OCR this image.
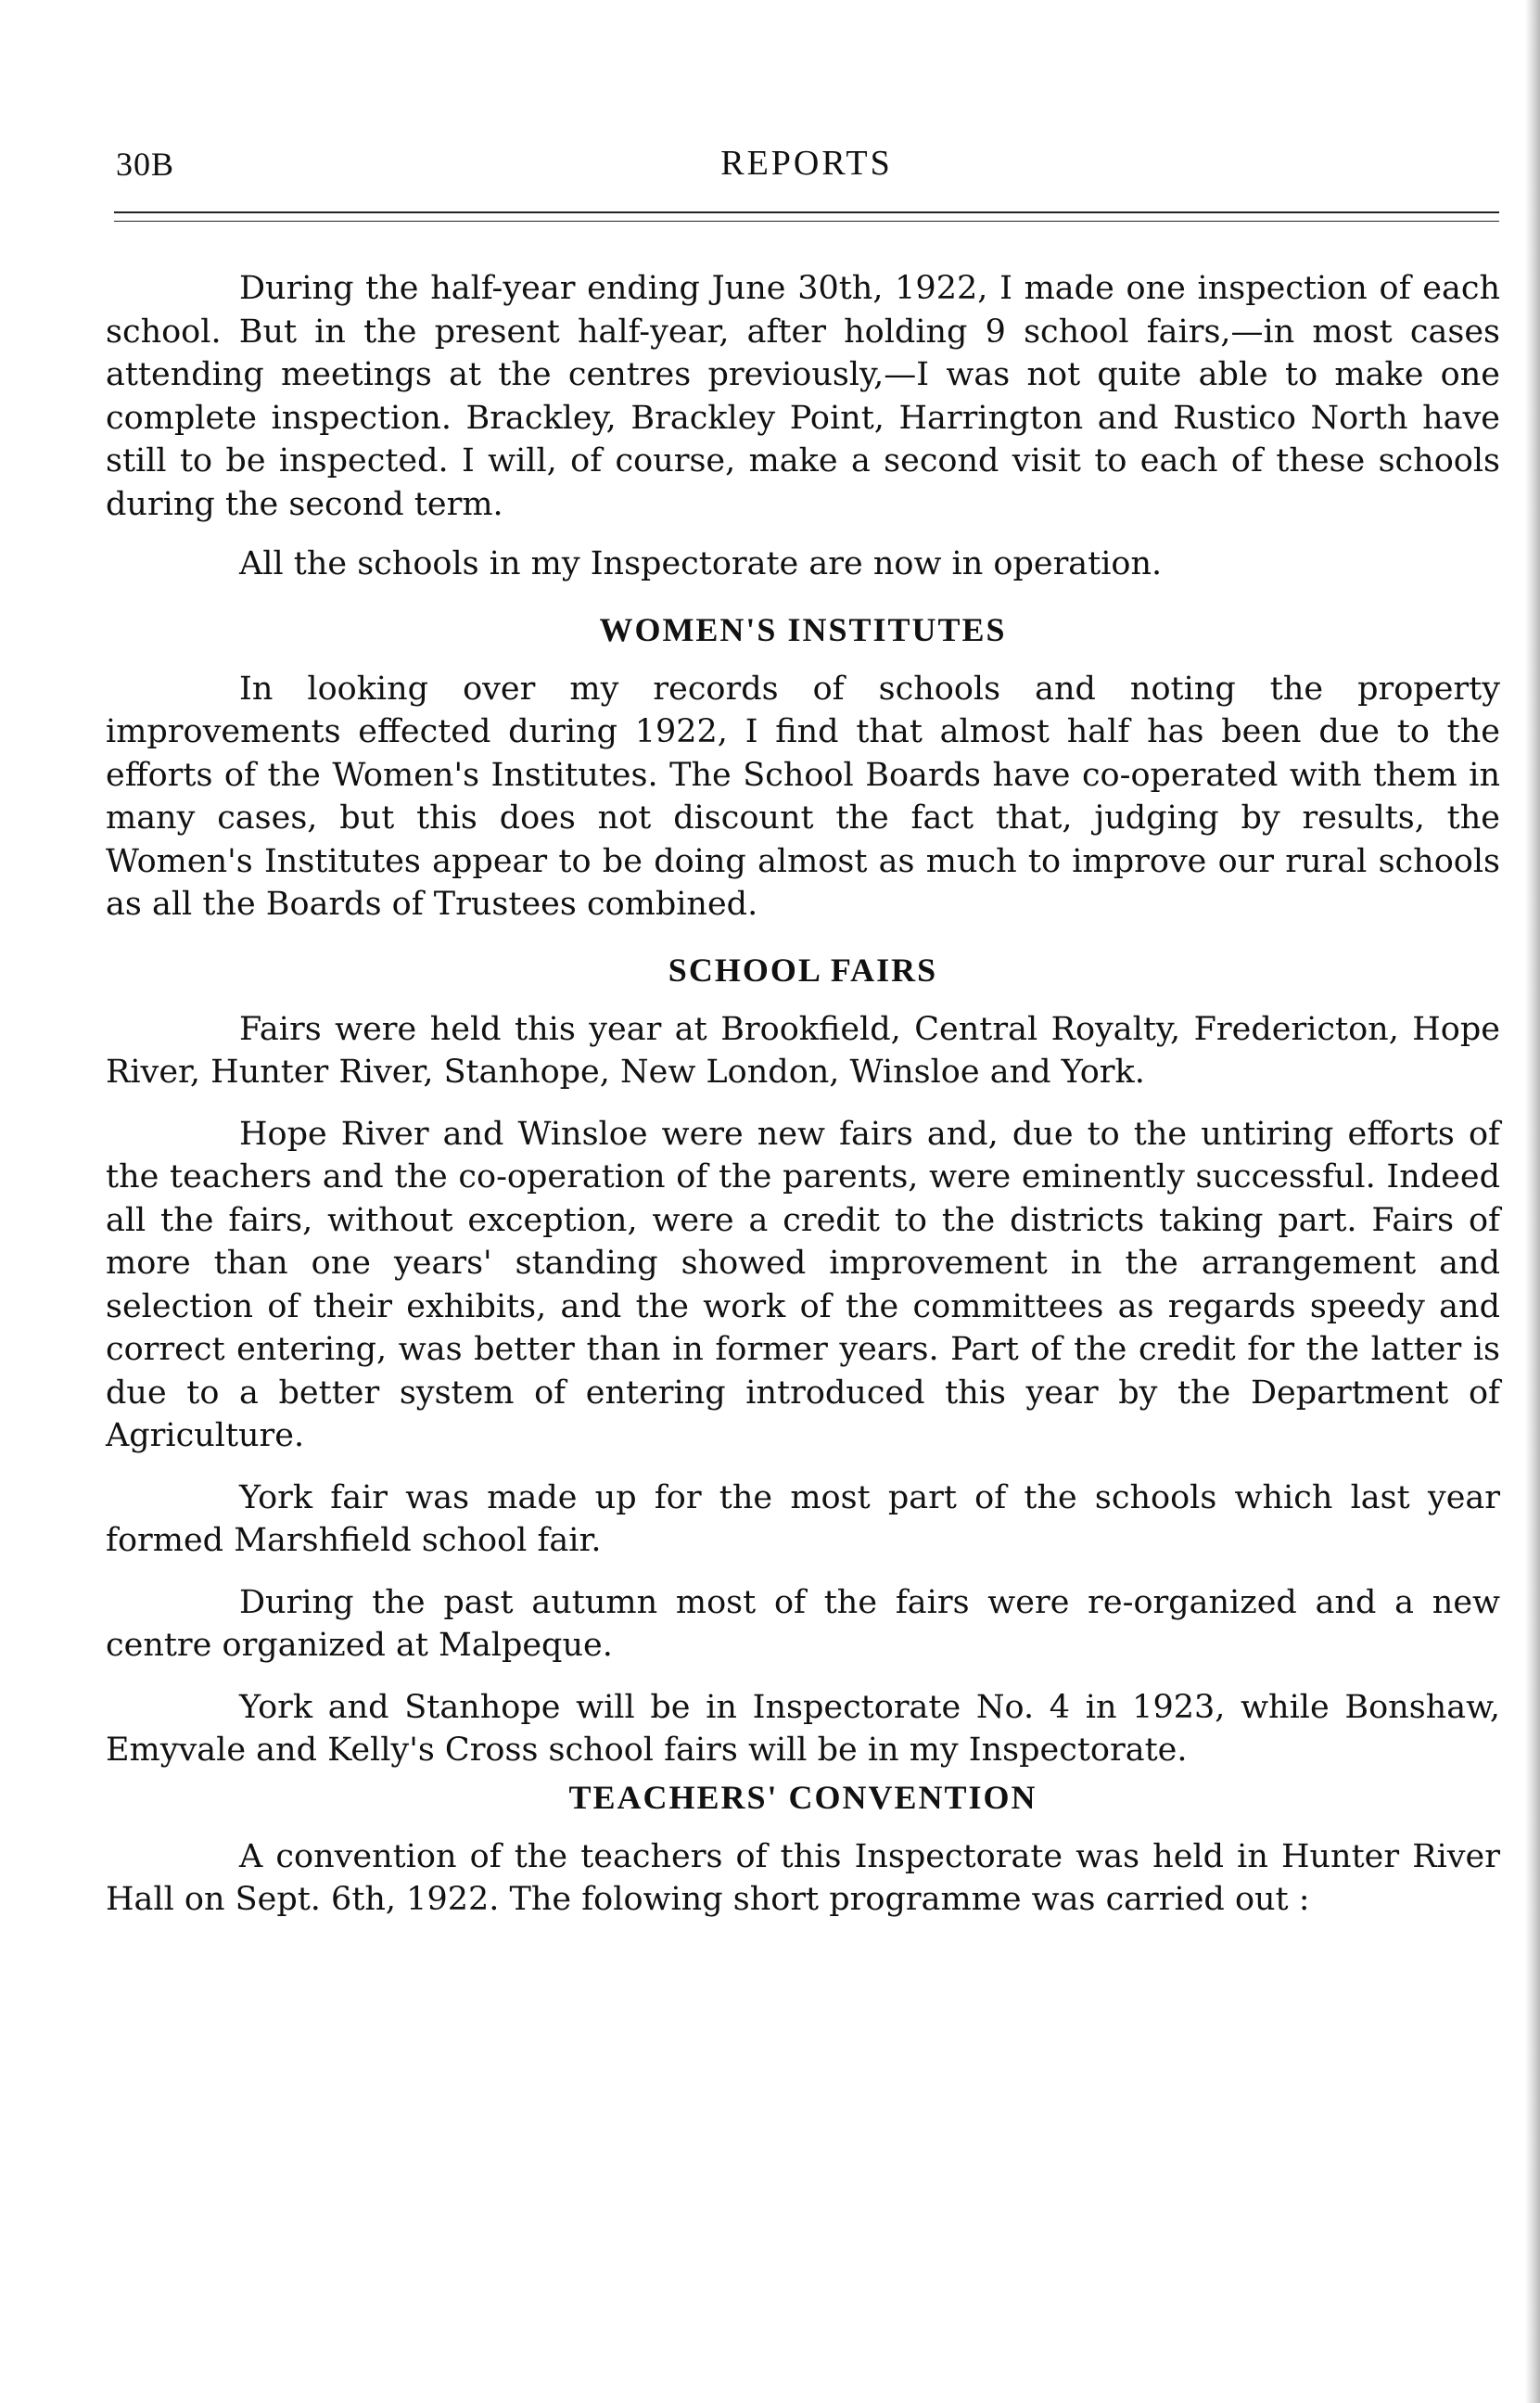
30B	REPORTS

During the half-year ending June 30th, 1922, I made one inspection of each school. But in the present half-year, after holding 9 school fairs,—in most cases attending meetings at the centres previously,—I was not quite able to make one complete inspection. Brackley, Brackley Point, Harrington and Rustico North have still to be inspected. I will, of course, make a second visit to each of these schools during the second term.

All the schools in my Inspectorate are now in operation.

WOMEN'S INSTITUTES

In looking over my records of schools and noting the property improvements effected during 1922, I find that almost half has been due to the efforts of the Women's Institutes. The School Boards have co-operated with them in many cases, but this does not discount the fact that, judging by results, the Women's Institutes appear to be doing almost as much to improve our rural schools as all the Boards of Trustees combined.

SCHOOL FAIRS

Fairs were held this year at Brookfield, Central Royalty, Fredericton, Hope River, Hunter River, Stanhope, New London, Winsloe and York.

Hope River and Winsloe were new fairs and, due to the untiring efforts of the teachers and the co-operation of the parents, were eminently successful. Indeed all the fairs, without exception, were a credit to the districts taking part. Fairs of more than one years' standing showed improvement in the arrangement and selection of their exhibits, and the work of the committees as regards speedy and correct entering, was better than in former years. Part of the credit for the latter is due to a better system of entering introduced this year by the Department of Agriculture.

York fair was made up for the most part of the schools which last year formed Marshfield school fair.

During the past autumn most of the fairs were re-organized and a new centre organized at Malpeque.

York and Stanhope will be in Inspectorate No. 4 in 1923, while Bonshaw, Emyvale and Kelly's Cross school fairs will be in my Inspectorate.

TEACHERS' CONVENTION

A convention of the teachers of this Inspectorate was held in Hunter River Hall on Sept. 6th, 1922. The folowing short programme was carried out :
